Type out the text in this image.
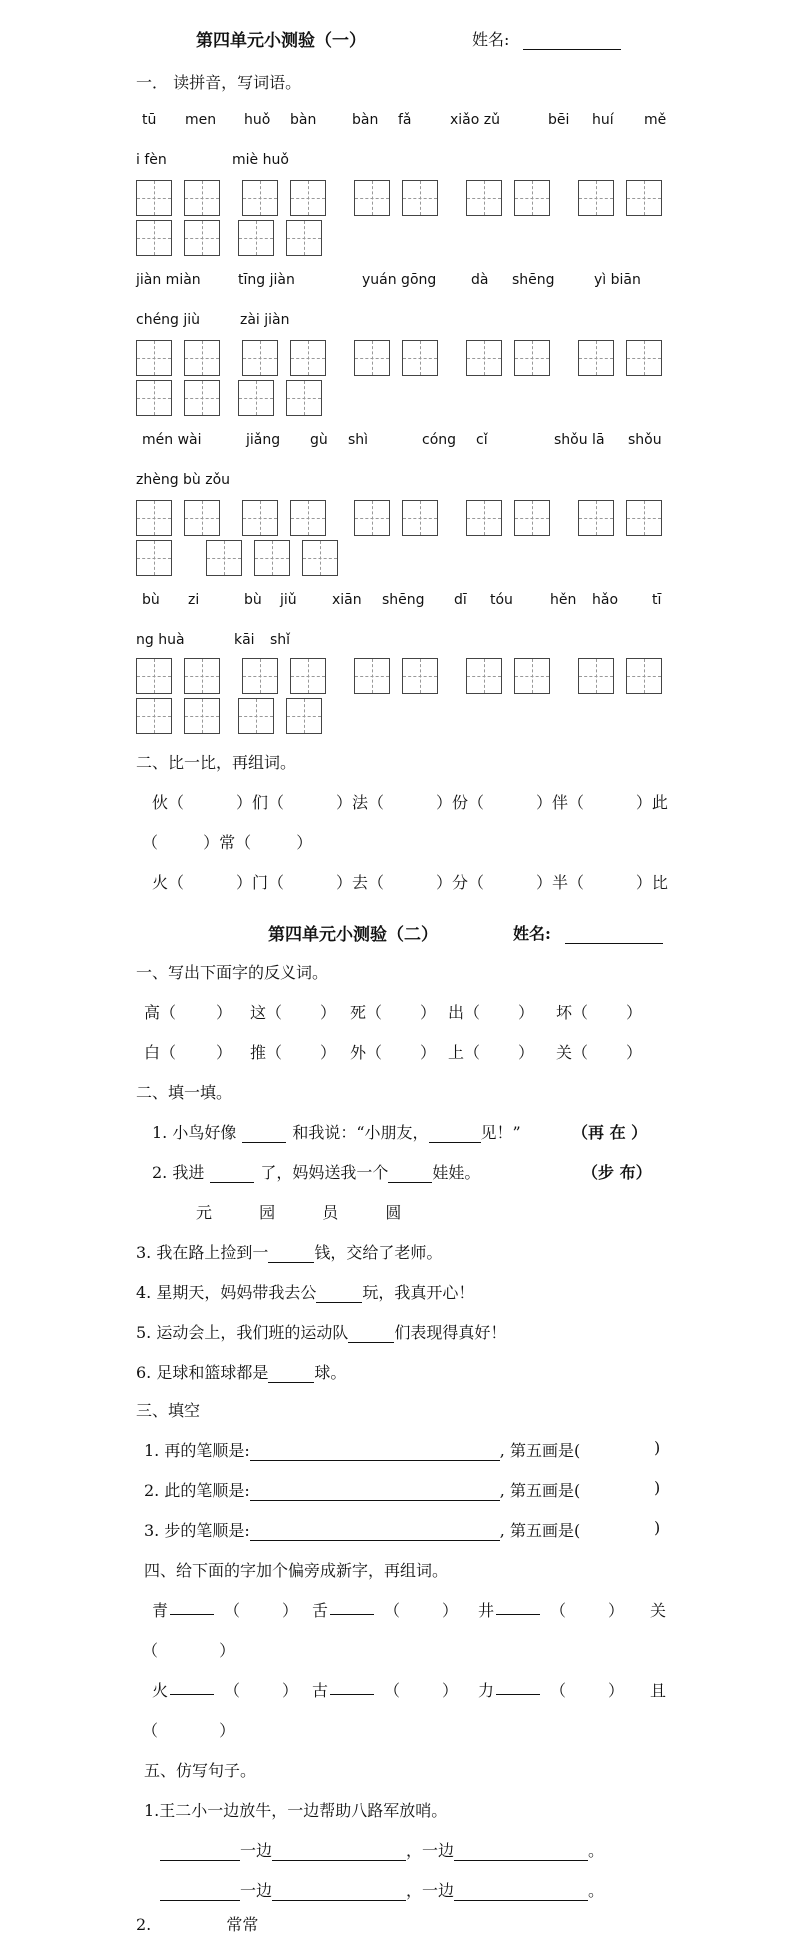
第四单元小测验（一）	姓名:
一． 读拼音，写词语。
tū men huǒ bàn	bàn fǎ	xiǎo zǔ	bēi huí mě
i fèn	miè huǒ
jiàn miàn	tīng jiàn	yuán gōng dà shēng	yì biān
chéng jiù	zài jiàn
mén wài	jiǎng gù shì	cóng cǐ	shǒu lā shǒu
zhèng bù zǒu
bù zi	bù jiǔ	xiān shēng dī tóu	hěn hǎo tī
ng huà	kāi shǐ
二、比一比，再组词。
伙（	）们（	）法（	）份（	）伴（	）此
（	）常（	）
火（	）门（	）去（	）分（	）半（	）比
第四单元小测验（二）	姓名:
一、写出下面字的反义词。
高（ ） 这（ ） 死（ ） 出（ ） 坏（ ）
白（ ） 推（ ） 外（ ） 上（ ） 关（ ）
二、填一填。
1. 小鸟好像	和我说：“小朋友，	见！”	（再 在 ）
2. 我进	了，妈妈送我一个	娃娃。	（步 布）
元	园	员	圆
3. 我在路上捡到一	钱，交给了老师。
4. 星期天，妈妈带我去公	玩，我真开心！
5. 运动会上，我们班的运动队	们表现得真好！
6. 足球和篮球都是	球。
三、填空
1. 再的笔顺是:	, 第五画是(	)
2. 此的笔顺是:	, 第五画是(	)
3. 步的笔顺是:	, 第五画是(	)
四、给下面的字加个偏旁成新字，再组词。
青	（	） 舌	（	） 井	（	） 关
（	）
火	（	） 古	（	） 力	（	） 且
（	）
五、仿写句子。
1.王二小一边放牛，一边帮助八路军放哨。
一边	，一边	。
一边	，一边	。
2.	常常
